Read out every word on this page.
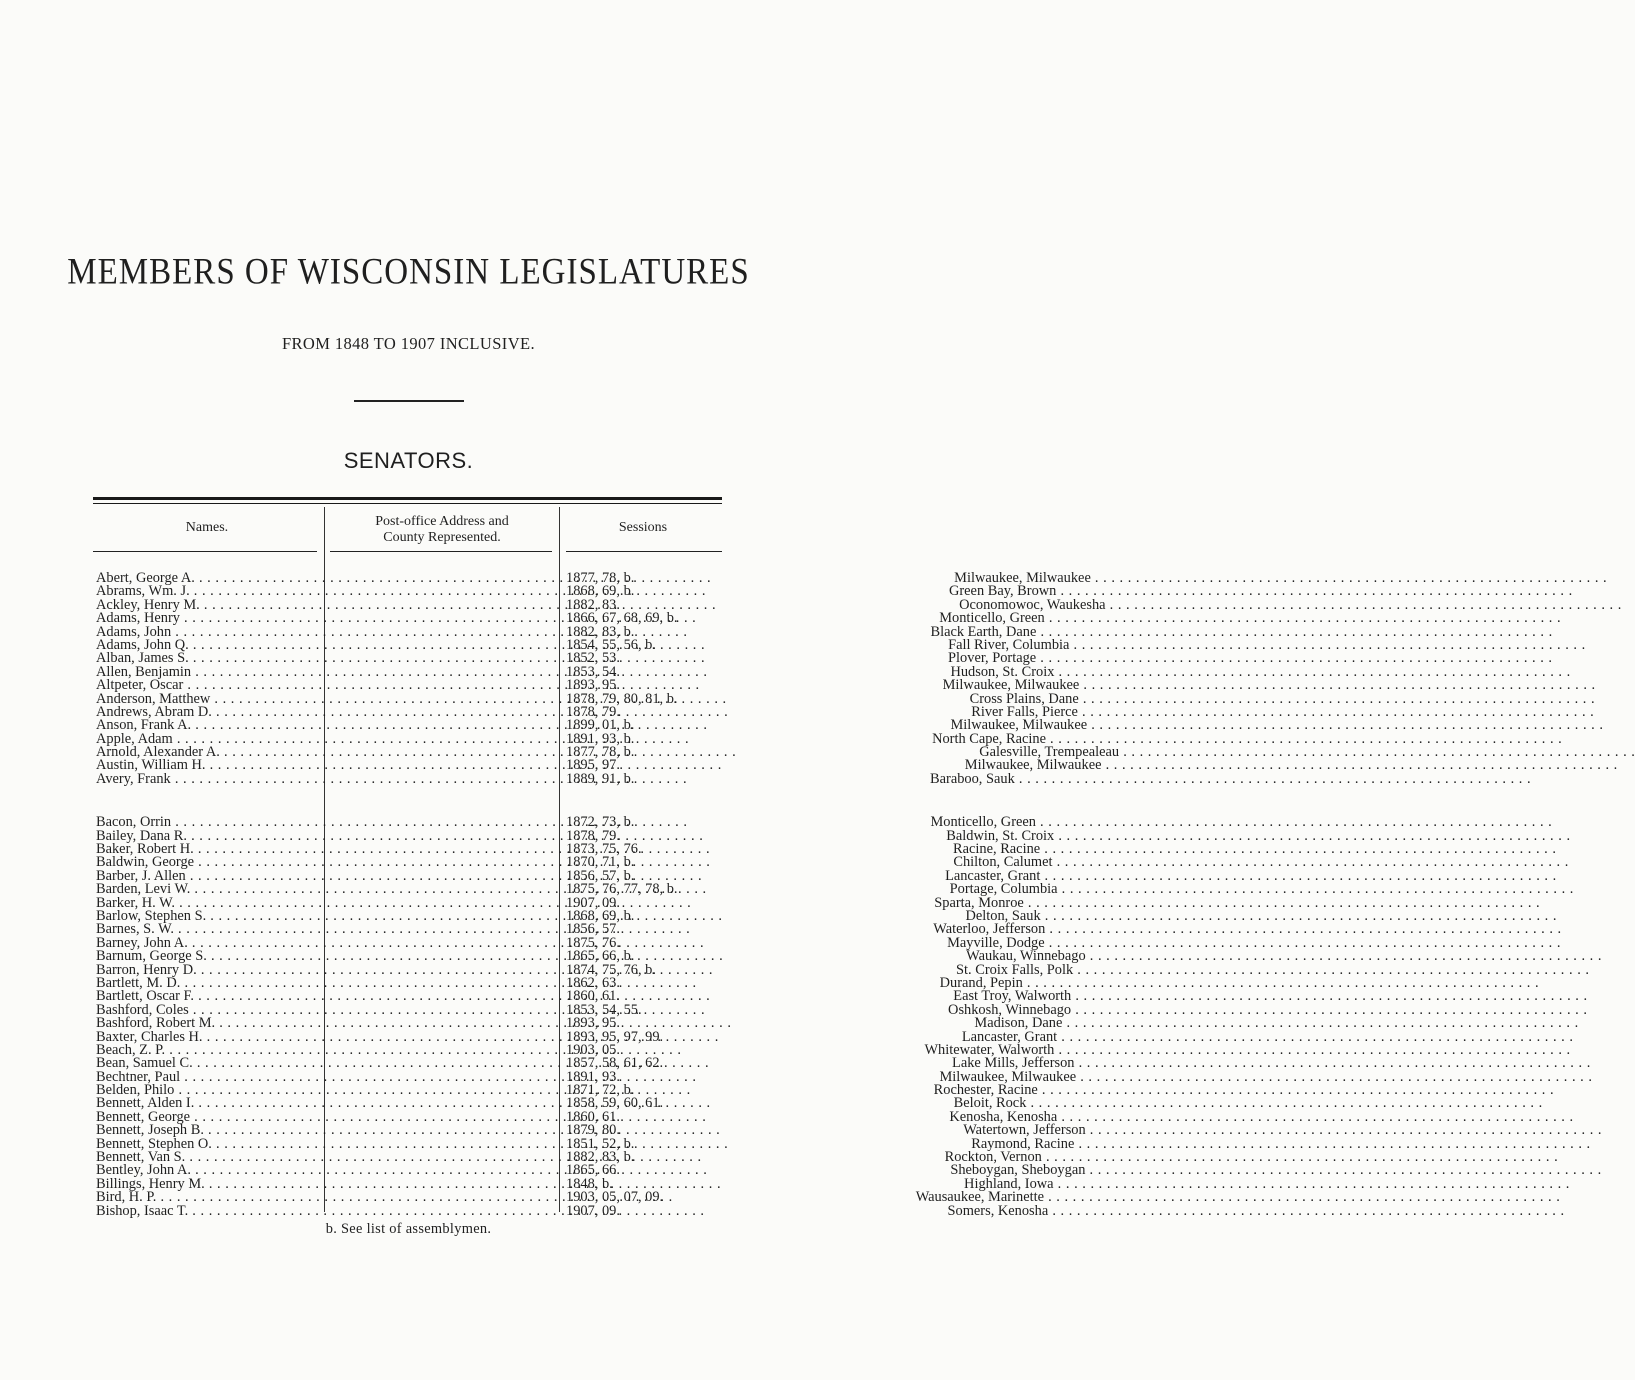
MEMBERS OF WISCONSIN LEGISLATURES
FROM 1848 TO 1907 INCLUSIVE.
SENATORS.
Names.	Post-office Address and
County Represented.
Sessions
Abert, George A. . . .	Milwaukee, Milwaukee . . .
1877, 78, b.
Abrams, Wm. J. . . .	Green Bay, Brown . . .
1868, 69, b.
Ackley, Henry M. . . .	Oconomowoc, Waukesha . . .
1882, 83.
Adams, Henry . . .	Monticello, Green . . .
1866, 67, 68, 69, b.
Adams, John . . .	Black Earth, Dane . . .
1882, 83, b.
Adams, John Q. . . .	Fall River, Columbia . . .
1854, 55, 56, b.
Alban, James S. . . .	Plover, Portage . . .
1852, 53.
Allen, Benjamin . . .	Hudson, St. Croix . . .
1853, 54.
Altpeter, Oscar . . .	Milwaukee, Milwaukee . . .
1893, 95.
Anderson, Matthew . . .	Cross Plains, Dane . . .
1878, 79, 80, 81, b.
Andrews, Abram D. . . .	River Falls, Pierce . . .
1878, 79.
Anson, Frank A. . . .	Milwaukee, Milwaukee . . .
1899, 01, b.
Apple, Adam . . .	North Cape, Racine . . .
1891, 93, b.
Arnold, Alexander A. . . .	Galesville, Trempealeau . . .
1877, 78, b.
Austin, William H. . . .	Milwaukee, Milwaukee . . .
1895, 97.
Avery, Frank . . .	Baraboo, Sauk . . .
1889, 91, b.
Bacon, Orrin . . .	Monticello, Green . . .
1872, 73, b.
Bailey, Dana R. . . .	Baldwin, St. Croix . . .
1878, 79.
Baker, Robert H. . . .	Racine, Racine . . .
1873, 75, 76.
Baldwin, George . . .	Chilton, Calumet . . .
1870, 71, b.
Barber, J. Allen . . .	Lancaster, Grant . . .
1856, 57, b.
Barden, Levi W. . . .	Portage, Columbia . . .
1875, 76, 77, 78, b.
Barker, H. W. . . .	Sparta, Monroe . . .
1907, 09.
Barlow, Stephen S. . . .	Delton, Sauk . . .
1868, 69, b.
Barnes, S. W. . . .	Waterloo, Jefferson . . .
1856, 57.
Barney, John A. . . .	Mayville, Dodge . . .
1875, 76.
Barnum, George S. . . .	Waukau, Winnebago . . .
1865, 66, b.
Barron, Henry D. . . .	St. Croix Falls, Polk . . .
1874, 75, 76, b.
Bartlett, M. D. . . .	Durand, Pepin . . .
1862, 63.
Bartlett, Oscar F. . . .	East Troy, Walworth . . .
1860, 61.
Bashford, Coles . . .	Oshkosh, Winnebago . . .
1853, 54, 55.
Bashford, Robert M. . . .	Madison, Dane . . .
1893, 95.
Baxter, Charles H. . . .	Lancaster, Grant . . .
1893, 95, 97, 99.
Beach, Z. P. . . .	Whitewater, Walworth . . .
1903, 05.
Bean, Samuel C. . . .	Lake Mills, Jefferson . . .
1857, 58, 61, 62.
Bechtner, Paul . . .	Milwaukee, Milwaukee . . .
1891, 93.
Belden, Philo . . .	Rochester, Racine . . .
1871, 72, b.
Bennett, Alden I. . . .	Beloit, Rock . . .
1858, 59, 60, 61.
Bennett, George . . .	Kenosha, Kenosha . . .
1860, 61.
Bennett, Joseph B. . . .	Watertown, Jefferson . . .
1879, 80.
Bennett, Stephen O. . . .	Raymond, Racine . . .
1851, 52, b.
Bennett, Van S. . . .	Rockton, Vernon . . .
1882, 83, b.
Bentley, John A. . . .	Sheboygan, Sheboygan . . .
1865, 66.
Billings, Henry M. . . .	Highland, Iowa . . .
1848, b.
Bird, H. P. . . .	Wausaukee, Marinette . . .
1903, 05, 07, 09.
Bishop, Isaac T. . . .	Somers, Kenosha . . .
1907, 09.
b. See list of assemblymen.
